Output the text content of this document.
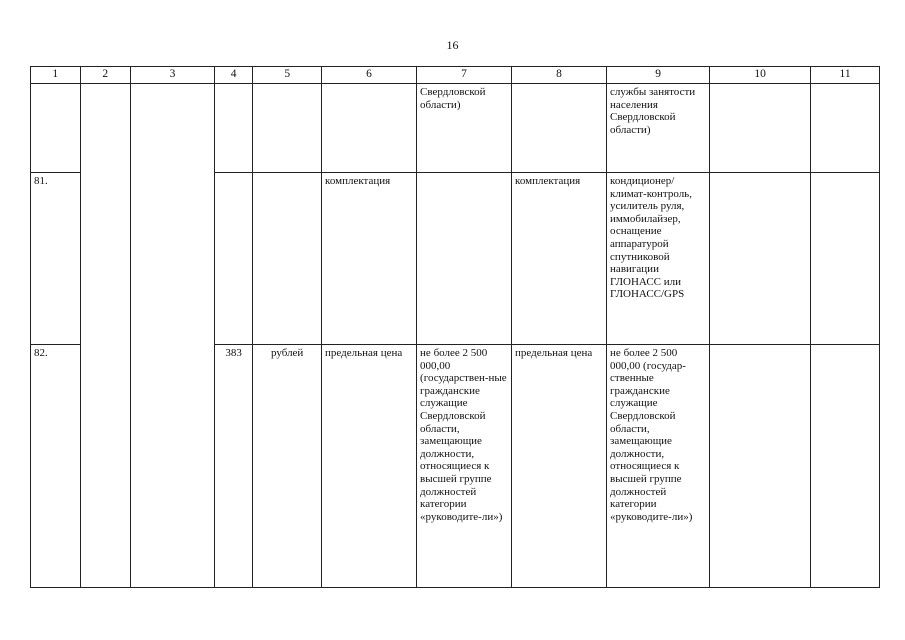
16
1	2	3	4	5	6	7	8	9	10	11
						Свердловской области)		службы занятости населения Свердловской области)		
81.					комплектация		комплектация	кондиционер/ климат-контроль, усилитель руля, иммобилайзер, оснащение аппаратурой спутниковой навигации ГЛОНАСС или ГЛОНАСС/GPS		
82.			383	рублей	предельная цена	не более 2 500 000,00 (государствен-ные гражданские служащие Свердловской области, замещающие должности, относящиеся к высшей группе должностей категории «руководите-ли»)	предельная цена	не более 2 500 000,00 (государ-ственные гражданские служащие Свердловской области, замещающие должности, относящиеся к высшей группе должностей категории «руководите-ли»)		
